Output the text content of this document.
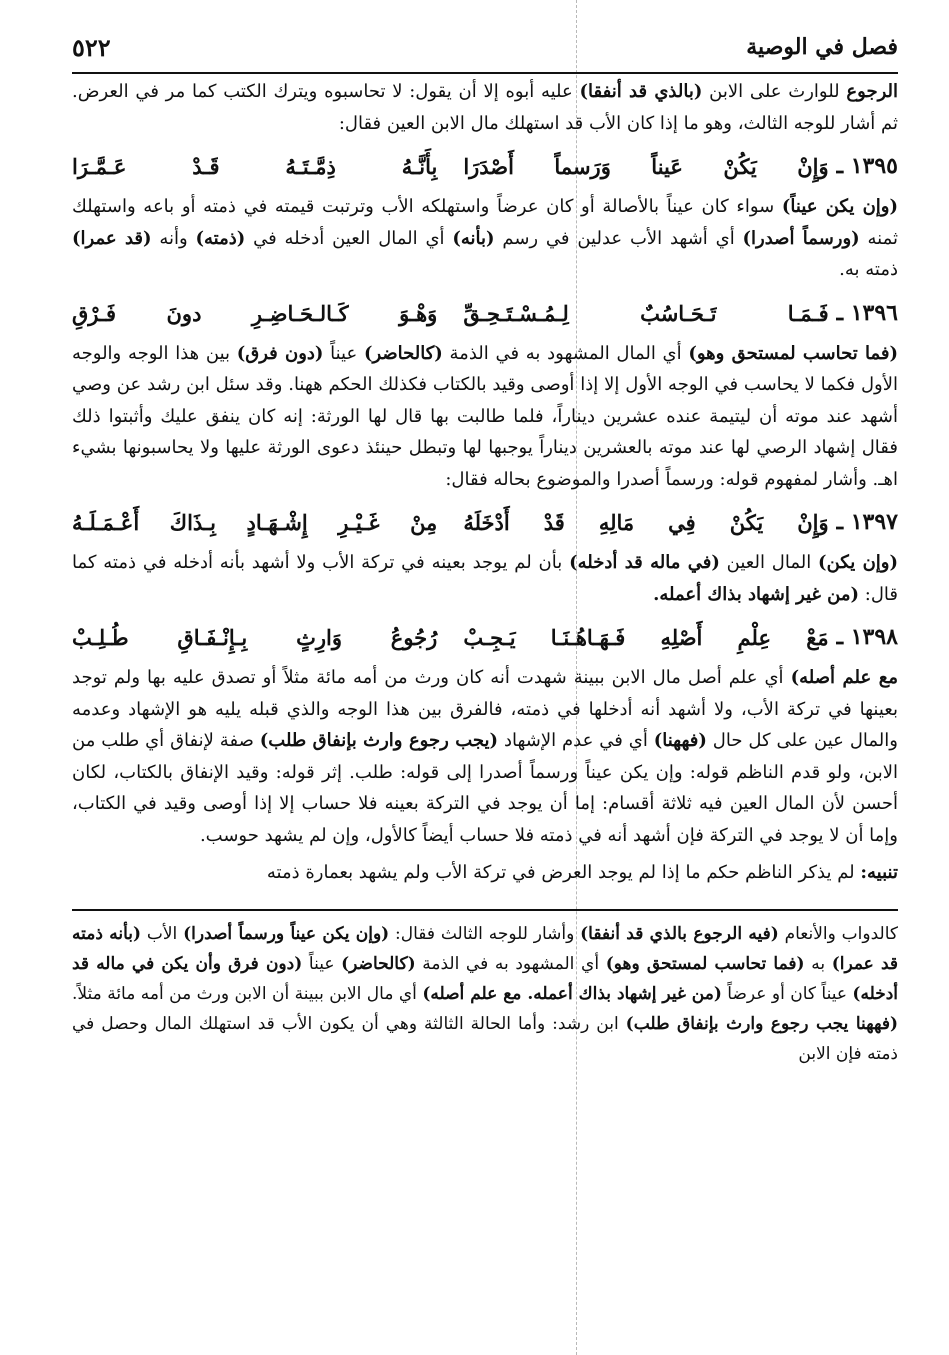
فصل في الوصية
٥٢٢

الرجوع للوارث على الابن (بالذي قد أنفقا) عليه أبوه إلا أن يقول: لا تحاسبوه ويترك الكتب كما مر في العرض. ثم أشار للوجه الثالث، وهو ما إذا كان الأب قد استهلك مال الابن العين فقال:

١٣٩٥ ـ
وَإِنْ يَكُنْ عَيناً وَرَسماً أَصْدَرَا
بِأَنَّـهُ ذِمَّـتَـهُ قَـدْ عَـمَّـرَا

(وإن يكن عيناً) سواء كان عيناً بالأصالة أو كان عرضاً واستهلكه الأب وترتبت قيمته في ذمته أو باعه واستهلك ثمنه (ورسماً أصدرا) أي أشهد الأب عدلين في رسم (بأنه) أي المال العين أدخله في (ذمته) وأنه (قد عمرا) ذمته به.

١٣٩٦ ـ
فَـمَـا تَـحَـاسُبٌ لِـمُـسْـتَـحِـقِّ
وَهْـوَ كَـالـحَـاضِـرِ دونَ فَـرْقِ

(فما تحاسب لمستحق وهو) أي المال المشهود به في الذمة (كالحاضر) عيناً (دون فرق) بين هذا الوجه والوجه الأول فكما لا يحاسب في الوجه الأول إلا إذا أوصى وقيد بالكتاب فكذلك الحكم ههنا. وقد سئل ابن رشد عن وصي أشهد عند موته أن ليتيمة عنده عشرين ديناراً، فلما طالبت بها قال لها الورثة: إنه كان ينفق عليك وأثبتوا ذلك فقال إشهاد الرصي لها عند موته بالعشرين ديناراً يوجبها لها وتبطل حينئذ دعوى الورثة عليها ولا يحاسبونها بشيء اهـ. وأشار لمفهوم قوله: ورسماً أصدرا والموضوع بحاله فقال:

١٣٩٧ ـ
وَإِنْ يَكُنْ فِي مَالِهِ قَدْ أَدْخَلَهُ
مِنْ غَـيْـرِ إِشْـهَـادٍ بِـذَاكَ أَعْـمَـلَـهُ

(وإن يكن) المال العين (في ماله قد أدخله) بأن لم يوجد بعينه في تركة الأب ولا أشهد بأنه أدخله في ذمته كما قال: (من غير إشهاد بذاك أعمله.

١٣٩٨ ـ
مَعْ عِلْمِ أَصْلِهِ فَـهَـاهُـنَـا يَـجِـبْ
رُجُوعُ وَارِثٍ بِـإِنْـفَـاقِ طُـلِـبْ

مع علم أصله) أي علم أصل مال الابن ببينة شهدت أنه كان ورث من أمه مائة مثلاً أو تصدق عليه بها ولم توجد بعينها في تركة الأب، ولا أشهد أنه أدخلها في ذمته، فالفرق بين هذا الوجه والذي قبله يليه هو الإشهاد وعدمه والمال عين على كل حال (فههنا) أي في عدم الإشهاد (يجب رجوع وارث بإنفاق طلب) صفة لإنفاق أي طلب من الابن، ولو قدم الناظم قوله: وإن يكن عيناً ورسماً أصدرا إلى قوله: طلب. إثر قوله: وقيد الإنفاق بالكتاب، لكان أحسن لأن المال العين فيه ثلاثة أقسام: إما أن يوجد في التركة بعينه فلا حساب إلا إذا أوصى وقيد في الكتاب، وإما أن لا يوجد في التركة فإن أشهد أنه في ذمته فلا حساب أيضاً كالأول، وإن لم يشهد حوسب.

تنبيه: لم يذكر الناظم حكم ما إذا لم يوجد العرض في تركة الأب ولم يشهد بعمارة ذمته

كالدواب والأنعام (فيه الرجوع بالذي قد أنفقا) وأشار للوجه الثالث فقال: (وإن يكن عيناً ورسماً أصدرا) الأب (بأنه ذمته قد عمرا) به (فما تحاسب لمستحق وهو) أي المشهود به في الذمة (كالحاضر) عيناً (دون فرق وأن يكن في ماله قد أدخله) عيناً كان أو عرضاً (من غير إشهاد بذاك أعمله. مع علم أصله) أي مال الابن ببينة أن الابن ورث من أمه مائة مثلاً. (فههنا يجب رجوع وارث بإنفاق طلب) ابن رشد: وأما الحالة الثالثة وهي أن يكون الأب قد استهلك المال وحصل في ذمته فإن الابن
